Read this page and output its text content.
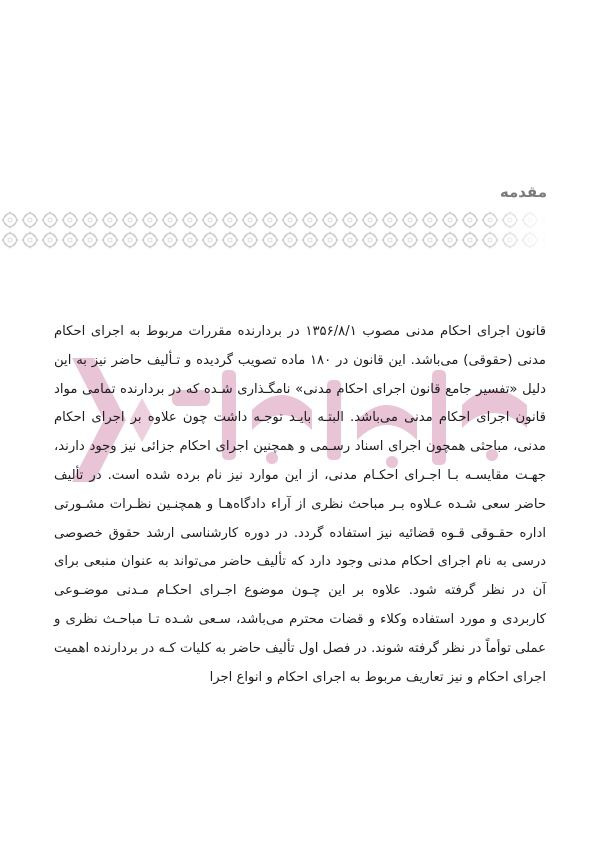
مقدمه

قانون اجرای احکام مدنی مصوب ۱۳۵۶/۸/۱ در بردارنده مقررات مربوط به اجرای احکام مدنی (حقوقی) می‌باشد. این قانون در ۱۸۰ ماده تصویب گردیده و تـألیف حاضر نیز به این دلیل «تفسیر جامع قانون اجرای احکام مدنی» نامگـذاری شـده که در بردارنده تمامی مواد قانون اجرای احکام مدنی می‌باشد. البتـه بایـد توجـه داشت چون علاوه بر اجرای احکام مدنی، مباحثی همچون اجرای اسناد رسـمی و همچنین اجرای احکام جزائی نیز وجود دارند، جهـت مقایسـه بـا اجـرای احکـام مدنی، از این موارد نیز نام برده شده است. در تألیف حاضر سعی شـده عـلاوه بـر مباحث نظری از آراء دادگاه‌هـا و همچنـین نظـرات مشـورتی اداره حقـوقی قـوه قضائیه نیز استفاده گردد. در دوره کارشناسی ارشد حقوق خصوصی درسی به نام اجرای احکام مدنی وجود دارد که تألیف حاضر می‌تواند به عنوان منبعی برای آن در نظر گرفته شود. علاوه بر این چـون موضوع اجـرای احکـام مـدنی موضـوعی کاربردی و مورد استفاده وکلاء و قضات محترم می‌باشد، سـعی شـده تـا مباحـث نظری و عملی توأماً در نظر گرفته شوند. در فصل اول تألیف حاضر به کلیات کـه در بردارنده اهمیت اجرای احکام و نیز تعاریف مربوط به اجرای احکام و انواع اجرا
